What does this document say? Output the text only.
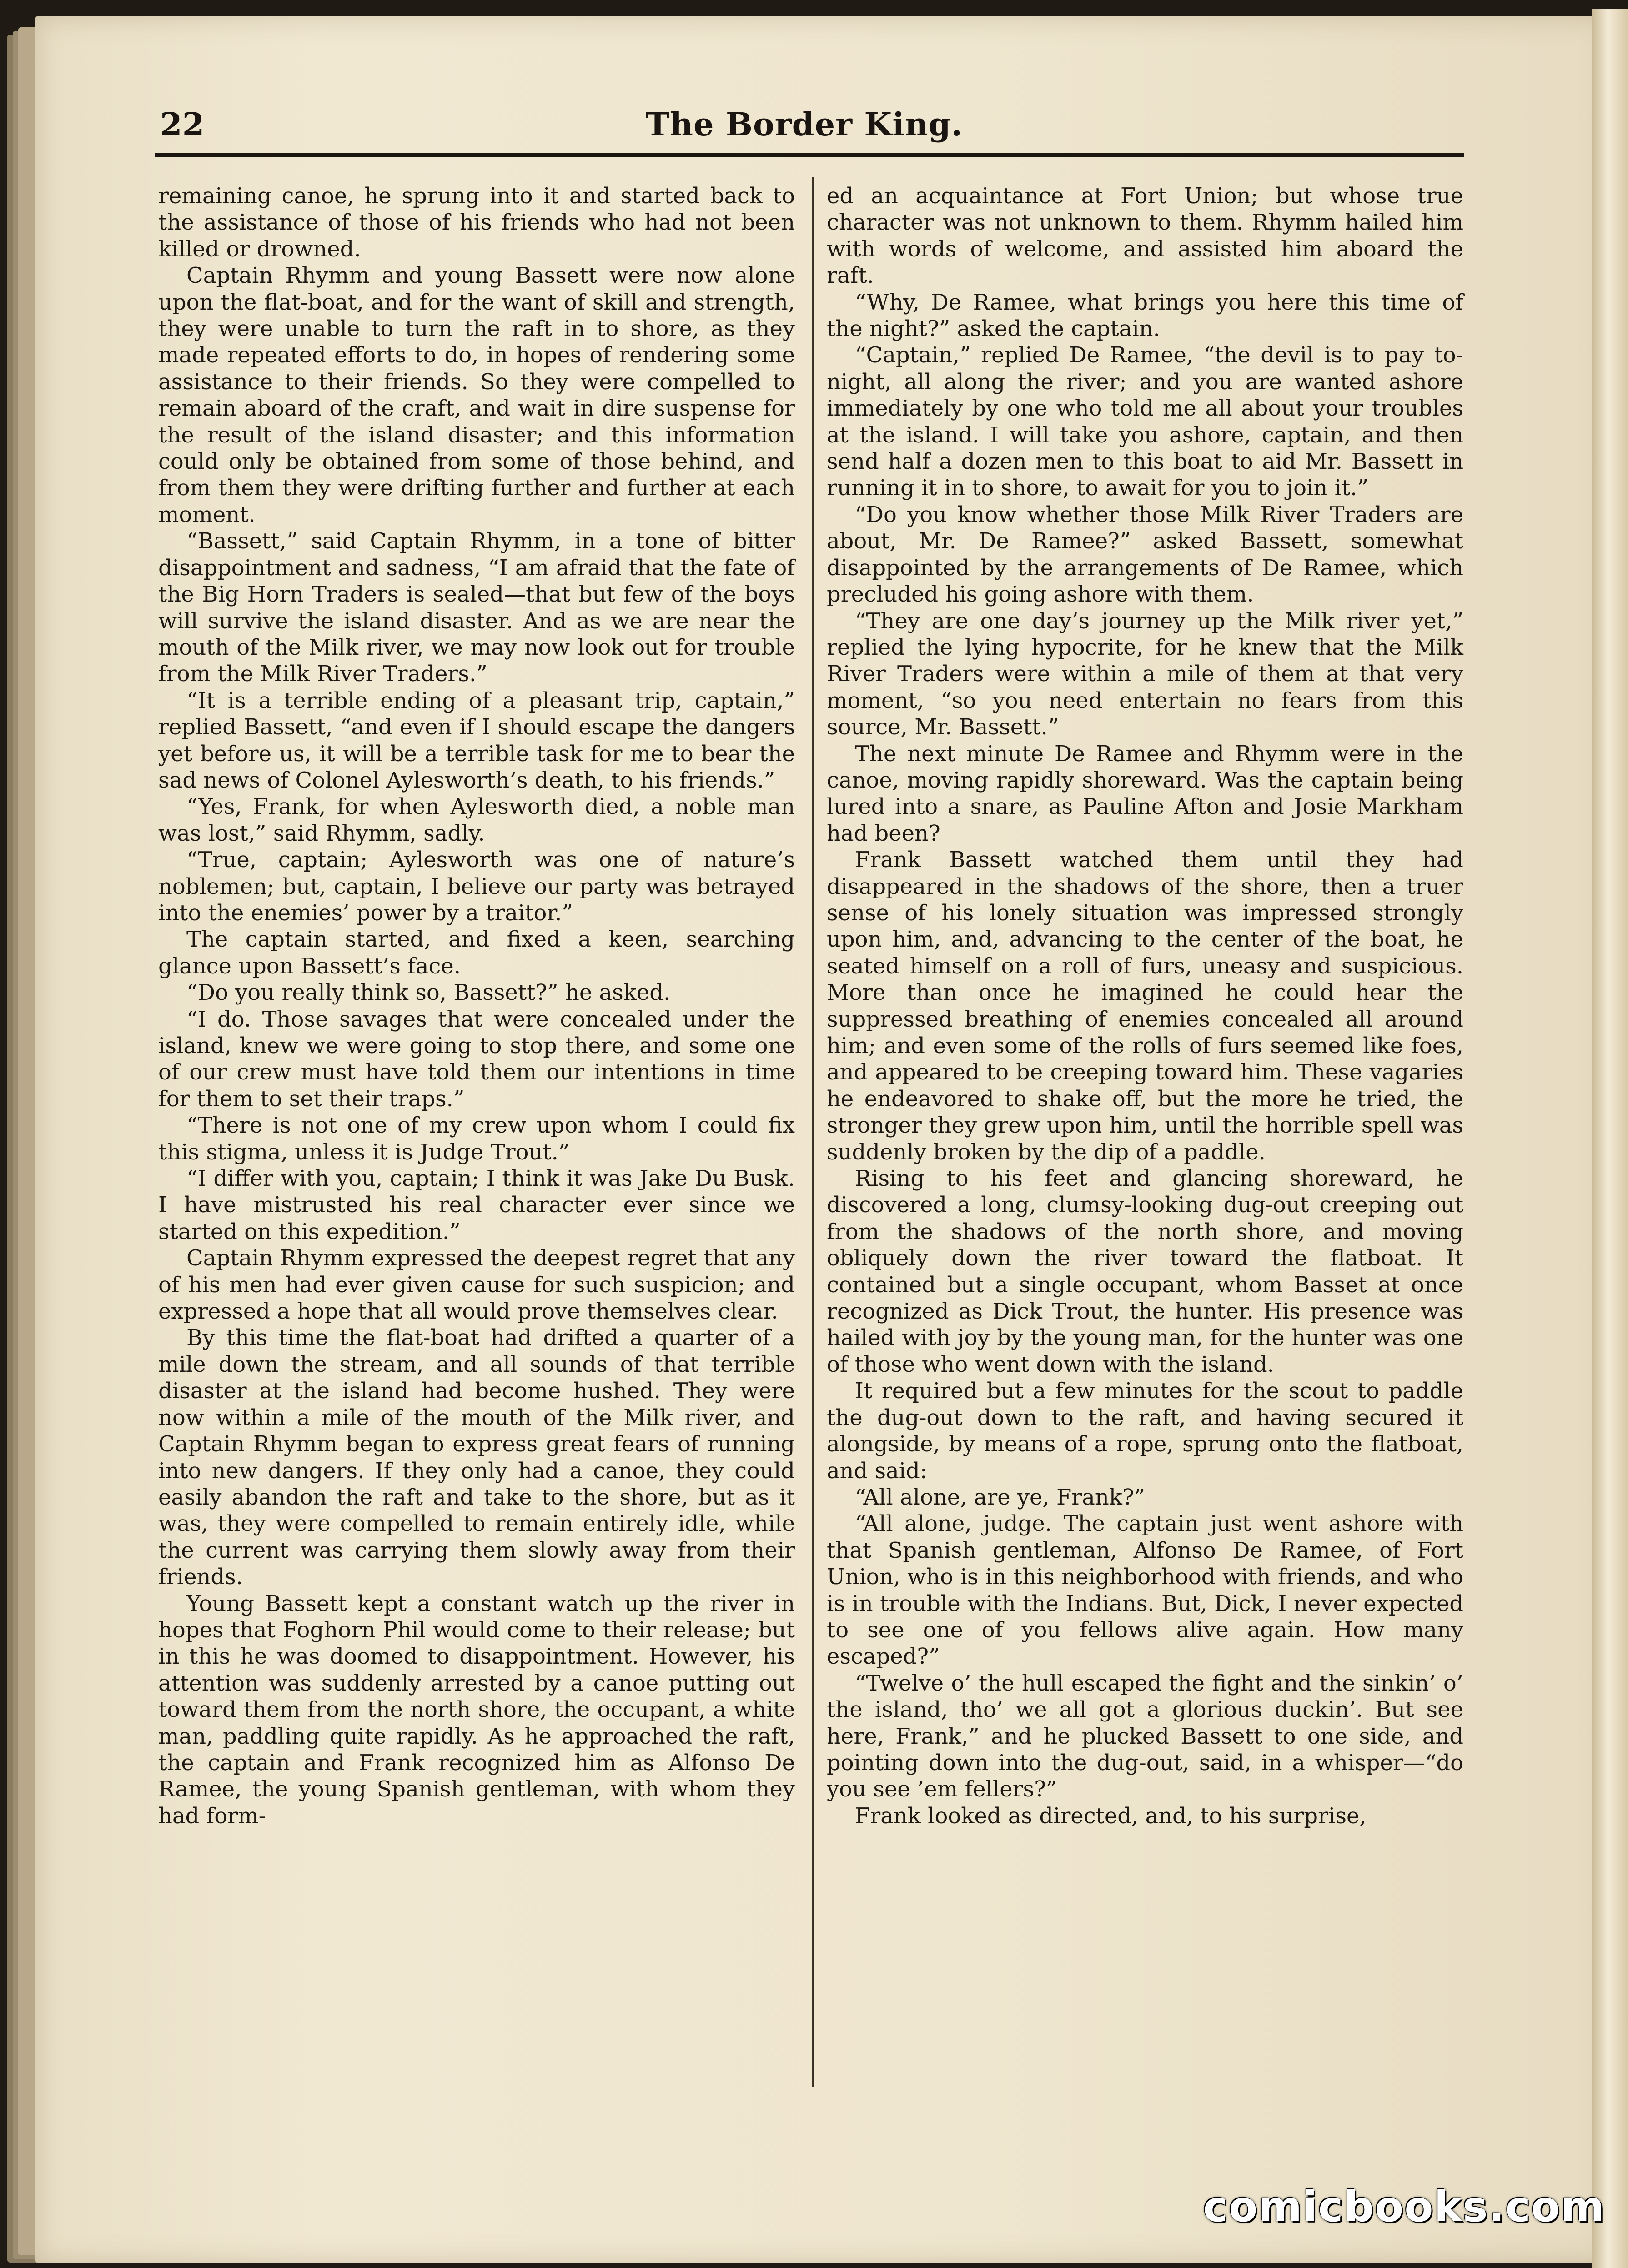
22	The Border King.

remaining canoe, he sprung into it and started back to the assistance of those of his friends who had not been killed or drowned.

Captain Rhymm and young Bassett were now alone upon the flat-boat, and for the want of skill and strength, they were unable to turn the raft in to shore, as they made repeated efforts to do, in hopes of rendering some assistance to their friends. So they were compelled to remain aboard of the craft, and wait in dire suspense for the result of the island disaster; and this information could only be obtained from some of those behind, and from them they were drifting further and further at each moment.

“Bassett,” said Captain Rhymm, in a tone of bitter disappointment and sadness, “I am afraid that the fate of the Big Horn Traders is sealed—that but few of the boys will survive the island disaster. And as we are near the mouth of the Milk river, we may now look out for trouble from the Milk River Traders.”

“It is a terrible ending of a pleasant trip, captain,” replied Bassett, “and even if I should escape the dangers yet before us, it will be a terrible task for me to bear the sad news of Colonel Aylesworth’s death, to his friends.”

“Yes, Frank, for when Aylesworth died, a noble man was lost,” said Rhymm, sadly.

“True, captain; Aylesworth was one of nature’s noblemen; but, captain, I believe our party was betrayed into the enemies’ power by a traitor.”

The captain started, and fixed a keen, searching glance upon Bassett’s face.

“Do you really think so, Bassett?” he asked.

“I do. Those savages that were concealed under the island, knew we were going to stop there, and some one of our crew must have told them our intentions in time for them to set their traps.”

“There is not one of my crew upon whom I could fix this stigma, unless it is Judge Trout.”

“I differ with you, captain; I think it was Jake Du Busk. I have mistrusted his real character ever since we started on this expedition.”

Captain Rhymm expressed the deepest regret that any of his men had ever given cause for such suspicion; and expressed a hope that all would prove themselves clear.

By this time the flat-boat had drifted a quarter of a mile down the stream, and all sounds of that terrible disaster at the island had become hushed. They were now within a mile of the mouth of the Milk river, and Captain Rhymm began to express great fears of running into new dangers. If they only had a canoe, they could easily abandon the raft and take to the shore, but as it was, they were compelled to remain entirely idle, while the current was carrying them slowly away from their friends.

Young Bassett kept a constant watch up the river in hopes that Foghorn Phil would come to their release; but in this he was doomed to disappointment. However, his attention was suddenly arrested by a canoe putting out toward them from the north shore, the occupant, a white man, paddling quite rapidly. As he approached the raft, the captain and Frank recognized him as Alfonso De Ramee, the young Spanish gentleman, with whom they had form-

ed an acquaintance at Fort Union; but whose true character was not unknown to them. Rhymm hailed him with words of welcome, and assisted him aboard the raft.

“Why, De Ramee, what brings you here this time of the night?” asked the captain.

“Captain,” replied De Ramee, “the devil is to pay to-night, all along the river; and you are wanted ashore immediately by one who told me all about your troubles at the island. I will take you ashore, captain, and then send half a dozen men to this boat to aid Mr. Bassett in running it in to shore, to await for you to join it.”

“Do you know whether those Milk River Traders are about, Mr. De Ramee?” asked Bassett, somewhat disappointed by the arrangements of De Ramee, which precluded his going ashore with them.

“They are one day’s journey up the Milk river yet,” replied the lying hypocrite, for he knew that the Milk River Traders were within a mile of them at that very moment, “so you need entertain no fears from this source, Mr. Bassett.”

The next minute De Ramee and Rhymm were in the canoe, moving rapidly shoreward. Was the captain being lured into a snare, as Pauline Afton and Josie Markham had been?

Frank Bassett watched them until they had disappeared in the shadows of the shore, then a truer sense of his lonely situation was impressed strongly upon him, and, advancing to the center of the boat, he seated himself on a roll of furs, uneasy and suspicious. More than once he imagined he could hear the suppressed breathing of enemies concealed all around him; and even some of the rolls of furs seemed like foes, and appeared to be creeping toward him. These vagaries he endeavored to shake off, but the more he tried, the stronger they grew upon him, until the horrible spell was suddenly broken by the dip of a paddle.

Rising to his feet and glancing shoreward, he discovered a long, clumsy-looking dug-out creeping out from the shadows of the north shore, and moving obliquely down the river toward the flatboat. It contained but a single occupant, whom Basset at once recognized as Dick Trout, the hunter. His presence was hailed with joy by the young man, for the hunter was one of those who went down with the island.

It required but a few minutes for the scout to paddle the dug-out down to the raft, and having secured it alongside, by means of a rope, sprung onto the flatboat, and said:

“All alone, are ye, Frank?”

“All alone, judge. The captain just went ashore with that Spanish gentleman, Alfonso De Ramee, of Fort Union, who is in this neighborhood with friends, and who is in trouble with the Indians. But, Dick, I never expected to see one of you fellows alive again. How many escaped?”

“Twelve o’ the hull escaped the fight and the sinkin’ o’ the island, tho’ we all got a glorious duckin’. But see here, Frank,” and he plucked Bassett to one side, and pointing down into the dug-out, said, in a whisper—“do you see ’em fellers?”

Frank looked as directed, and, to his surprise,

comicbooks.com
